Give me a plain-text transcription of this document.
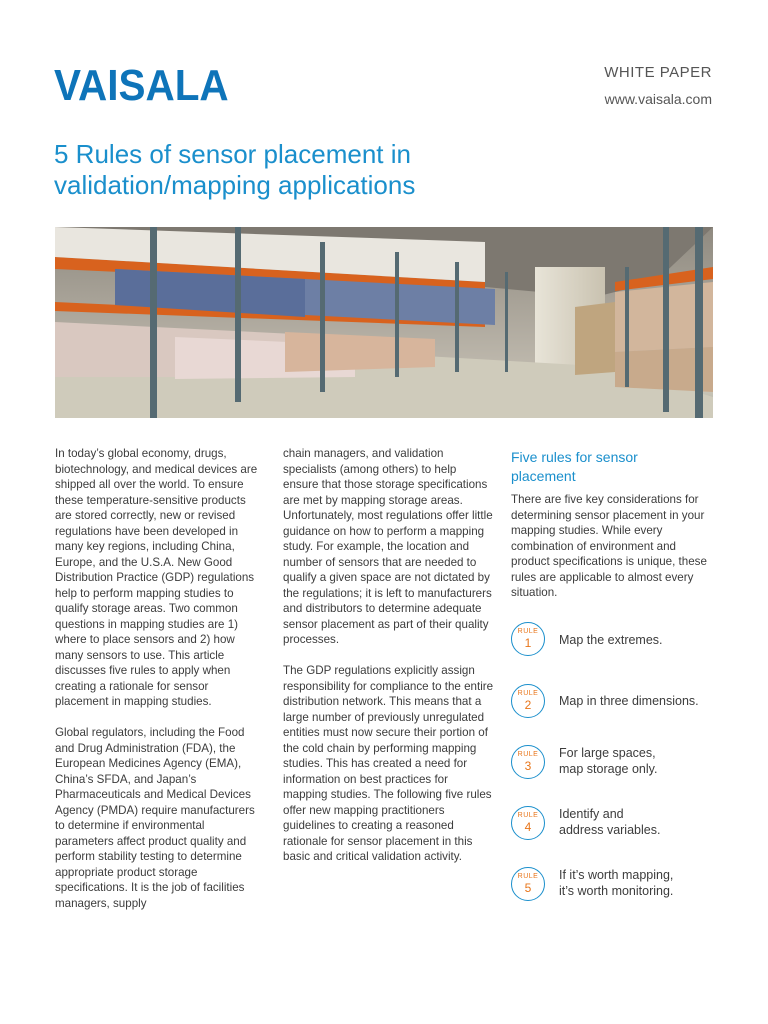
VAISALA	WHITE PAPER
www.vaisala.com
5 Rules of sensor placement in
validation/mapping applications

In today’s global economy, drugs, biotechnology, and medical devices are shipped all over the world. To ensure these temperature-sensitive products are stored correctly, new or revised regulations have been developed in many key regions, including China, Europe, and the U.S.A. New Good Distribution Practice (GDP) regulations help to perform mapping studies to qualify storage areas. Two common questions in mapping studies are 1) where to place sensors and 2) how many sensors to use. This article discusses five rules to apply when creating a rationale for sensor placement in mapping studies.

Global regulators, including the Food and Drug Administration (FDA), the European Medicines Agency (EMA), China’s SFDA, and Japan’s Pharmaceuticals and Medical Devices Agency (PMDA) require manufacturers to determine if environmental parameters affect product quality and perform stability testing to determine appropriate product storage specifications. It is the job of facilities managers, supply

chain managers, and validation specialists (among others) to help ensure that those storage specifications are met by mapping storage areas. Unfortunately, most regulations offer little guidance on how to perform a mapping study. For example, the location and number of sensors that are needed to qualify a given space are not dictated by the regulations; it is left to manufacturers and distributors to determine adequate sensor placement as part of their quality processes.

The GDP regulations explicitly assign responsibility for compliance to the entire distribution network. This means that a large number of previously unregulated entities must now secure their portion of the cold chain by performing mapping studies. This has created a need for information on best practices for mapping studies. The following five rules offer new mapping practitioners guidelines to creating a reasoned rationale for sensor placement in this basic and critical validation activity.

Five rules for sensor
placement

There are five key considerations for determining sensor placement in your mapping studies. While every combination of environment and product specifications is unique, these rules are applicable to almost every situation.

RULE
1	Map the extremes.
RULE
2	Map in three dimensions.
RULE
3
For large spaces,
map storage only.
RULE
4
Identify and
address variables.
RULE
5
If it’s worth mapping,
it’s worth monitoring.
